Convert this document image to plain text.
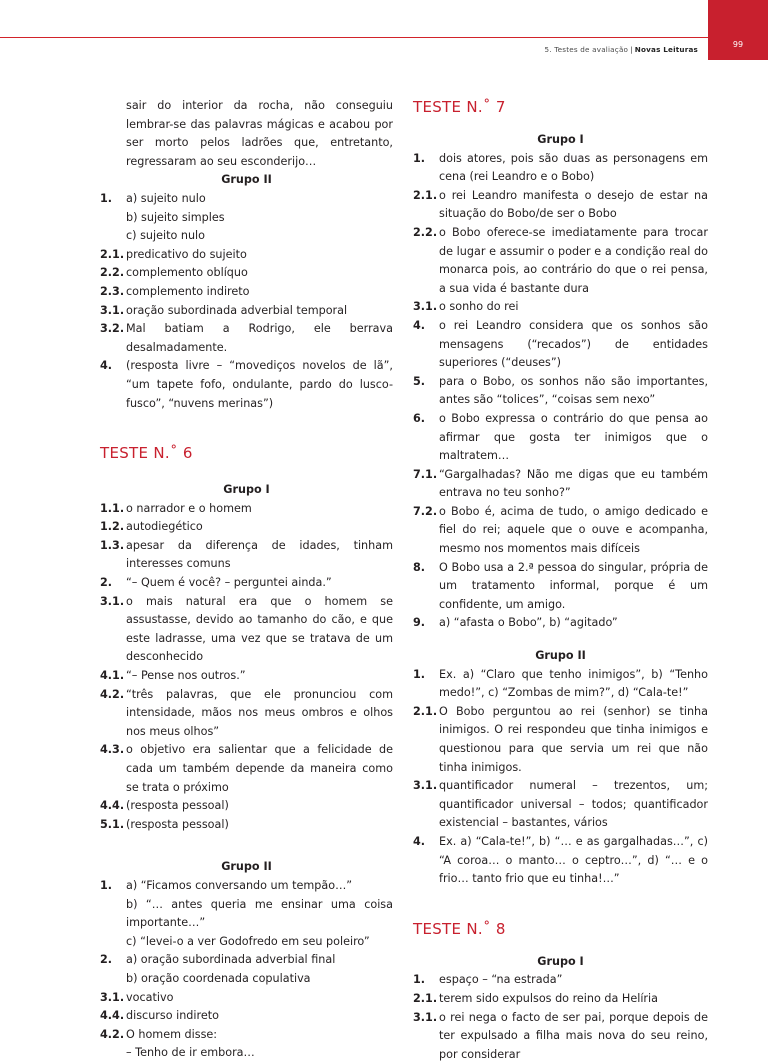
99
5. Testes de avaliação | Novas Leituras
sair do interior da rocha, não conseguiu lembrar-se das palavras mágicas e acabou por ser morto pelos ladrões que, entretanto, regressaram ao seu esconderijo…
Grupo II
1.	a) sujeito nulo
b) sujeito simples
c) sujeito nulo
2.1. predicativo do sujeito
2.2. complemento oblíquo
2.3. complemento indireto
3.1. oração subordinada adverbial temporal
3.2. Mal batiam a Rodrigo, ele berrava desalmadamente.
4.	(resposta livre – “movediços novelos de lã”, “um tapete fofo, ondulante, pardo do lusco-fusco”, “nuvens merinas”)
TESTE N.˚ 6
Grupo I
1.1. o narrador e o homem
1.2. autodiegético
1.3. apesar da diferença de idades, tinham interesses comuns
2.	“– Quem é você? – perguntei ainda.”
3.1. o mais natural era que o homem se assustasse, devido ao tamanho do cão, e que este ladrasse, uma vez que se tratava de um desconhecido
4.1. “– Pense nos outros.”
4.2. “três palavras, que ele pronunciou com intensidade, mãos nos meus ombros e olhos nos meus olhos”
4.3. o objetivo era salientar que a felicidade de cada um também depende da maneira como se trata o próximo
4.4. (resposta pessoal)
5.1. (resposta pessoal)
Grupo II
1.	a) “Ficamos conversando um tempão…”
b) “… antes queria me ensinar uma coisa importante…”
c) “levei-o a ver Godofredo em seu poleiro”
2.	a) oração subordinada adverbial final
b) oração coordenada copulativa
3.1. vocativo
4.4. discurso indireto
4.2. O homem disse:
– Tenho de ir embora…
TESTE N.˚ 7
Grupo I
1.	dois atores, pois são duas as personagens em cena (rei Leandro e o Bobo)
2.1. o rei Leandro manifesta o desejo de estar na situação do Bobo/de ser o Bobo
2.2. o Bobo oferece-se imediatamente para trocar de lugar e assumir o poder e a condição real do monarca pois, ao contrário do que o rei pensa, a sua vida é bastante dura
3.1. o sonho do rei
4.	o rei Leandro considera que os sonhos são mensagens (“recados”) de entidades superiores (“deuses”)
5.	para o Bobo, os sonhos não são importantes, antes são “tolices”, “coisas sem nexo”
6.	o Bobo expressa o contrário do que pensa ao afirmar que gosta ter inimigos que o maltratem…
7.1. “Gargalhadas? Não me digas que eu também entrava no teu sonho?”
7.2. o Bobo é, acima de tudo, o amigo dedicado e fiel do rei; aquele que o ouve e acompanha, mesmo nos momentos mais difíceis
8.	O Bobo usa a 2.ª pessoa do singular, própria de um tratamento informal, porque é um confidente, um amigo.
9.	a) “afasta o Bobo”, b) “agitado”
Grupo II
1.	Ex. a) “Claro que tenho inimigos”, b) “Tenho medo!”, c) “Zombas de mim?”, d) “Cala-te!”
2.1. O Bobo perguntou ao rei (senhor) se tinha inimigos. O rei respondeu que tinha inimigos e questionou para que servia um rei que não tinha inimigos.
3.1. quantificador numeral – trezentos, um; quantificador universal – todos; quantificador existencial – bastantes, vários
4.	Ex. a) “Cala-te!”, b) “… e as gargalhadas…”, c) “A coroa… o manto… o ceptro…”, d) “… e o frio… tanto frio que eu tinha!…”
TESTE N.˚ 8
Grupo I
1.	espaço – “na estrada”
2.1. terem sido expulsos do reino da Helíria
3.1. o rei nega o facto de ser pai, porque depois de ter expulsado a filha mais nova do seu reino, por considerar
